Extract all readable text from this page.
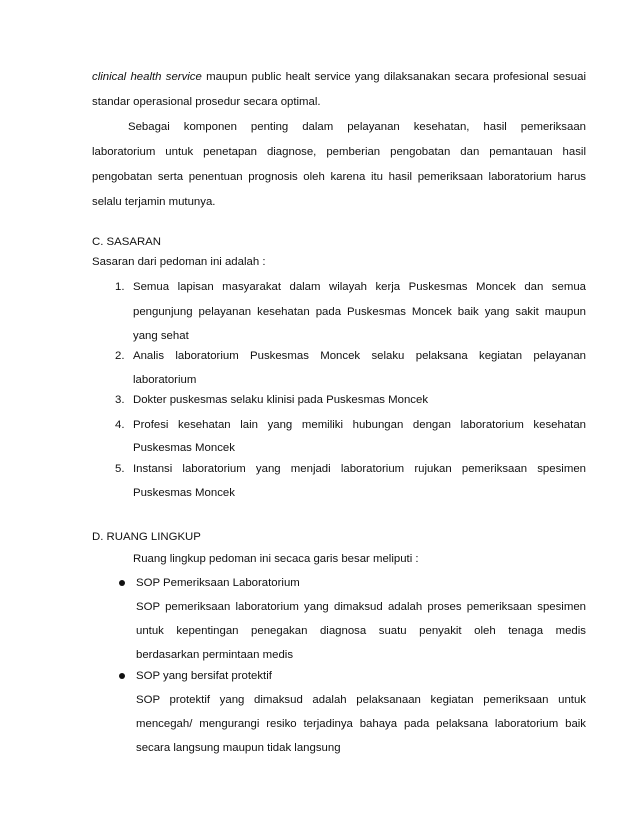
clinical health service maupun public healt service yang dilaksanakan secara profesional sesuai
standar operasional prosedur secara optimal.
Sebagai komponen penting dalam pelayanan kesehatan, hasil pemeriksaan
laboratorium untuk penetapan diagnose, pemberian pengobatan dan pemantauan hasil
pengobatan serta penentuan prognosis oleh karena itu hasil pemeriksaan laboratorium harus
selalu terjamin mutunya.
C. SASARAN
Sasaran dari pedoman ini adalah :
1. Semua lapisan masyarakat dalam wilayah kerja Puskesmas Moncek dan semua
pengunjung pelayanan kesehatan pada Puskesmas Moncek baik yang sakit maupun
yang sehat
2. Analis laboratorium Puskesmas Moncek selaku pelaksana kegiatan pelayanan
laboratorium
3. Dokter puskesmas selaku klinisi pada Puskesmas Moncek
4. Profesi kesehatan lain yang memiliki hubungan dengan laboratorium kesehatan
Puskesmas Moncek
5. Instansi laboratorium yang menjadi laboratorium rujukan pemeriksaan spesimen
Puskesmas Moncek
D. RUANG LINGKUP
Ruang lingkup pedoman ini secaca garis besar meliputi :
SOP Pemeriksaan Laboratorium
SOP pemeriksaan laboratorium yang dimaksud adalah proses pemeriksaan spesimen
untuk kepentingan penegakan diagnosa suatu penyakit oleh tenaga medis
berdasarkan permintaan medis
SOP yang bersifat protektif
SOP protektif yang dimaksud adalah pelaksanaan kegiatan pemeriksaan untuk
mencegah/ mengurangi resiko terjadinya bahaya pada pelaksana laboratorium baik
secara langsung maupun tidak langsung
